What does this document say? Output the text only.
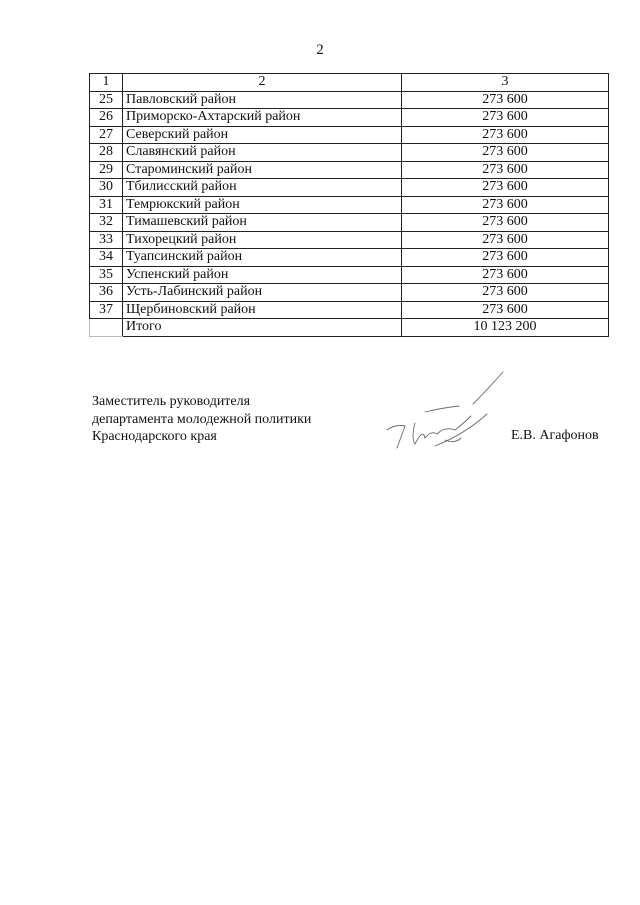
2
1	2	3
25	Павловский район	273 600
26	Приморско-Ахтарский район	273 600
27	Северский район	273 600
28	Славянский район	273 600
29	Староминский район	273 600
30	Тбилисский район	273 600
31	Темрюкский район	273 600
32	Тимашевский район	273 600
33	Тихорецкий район	273 600
34	Туапсинский район	273 600
35	Успенский район	273 600
36	Усть-Лабинский район	273 600
37	Щербиновский район	273 600
	Итого	10 123 200
Заместитель руководителя
департамента молодежной политики
Краснодарского края	Е.В. Агафонов
